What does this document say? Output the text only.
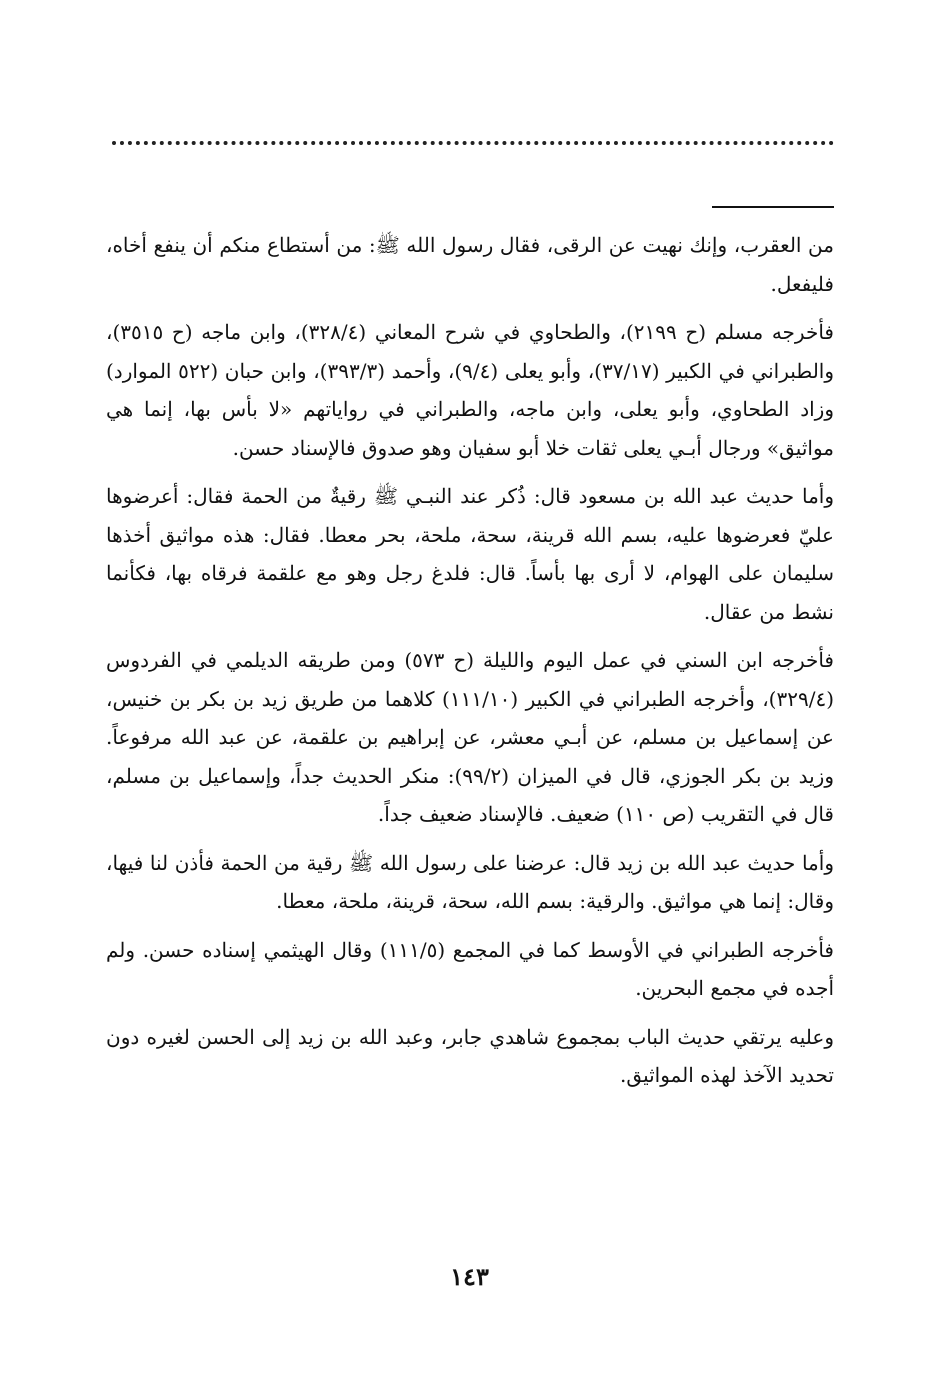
من العقرب، وإنك نهيت عن الرقى، فقال رسول الله ﷺ: من أستطاع منكم أن ينفع أخاه، فليفعل.

فأخرجه مسلم (ح ٢١٩٩)، والطحاوي في شرح المعاني (٣٢٨/٤)، وابن ماجه (ح ٣٥١٥)، والطبراني في الكبير (٣٧/١٧)، وأبو يعلى (٩/٤)، وأحمد (٣٩٣/٣)، وابن حبان (٥٢٢ الموارد) وزاد الطحاوي، وأبو يعلى، وابن ماجه، والطبراني في رواياتهم «لا بأس بها، إنما هي مواثيق» ورجال أبـي يعلى ثقات خلا أبو سفيان وهو صدوق فالإسناد حسن.

وأما حديث عبد الله بن مسعود قال: ذُكر عند النبـي ﷺ رقيةٌ من الحمة فقال: أعرضوها عليّ فعرضوها عليه، بسم الله قرينة، سحة، ملحة، بحر معطا. فقال: هذه مواثيق أخذها سليمان على الهوام، لا أرى بها بأساً. قال: فلدغ رجل وهو مع علقمة فرقاه بها، فكأنما نشط من عقال.

فأخرجه ابن السني في عمل اليوم والليلة (ح ٥٧٣) ومن طريقه الديلمي في الفردوس (٣٢٩/٤)، وأخرجه الطبراني في الكبير (١١١/١٠) كلاهما من طريق زيد بن بكر بن خنيس، عن إسماعيل بن مسلم، عن أبـي معشر، عن إبراهيم بن علقمة، عن عبد الله مرفوعاً. وزيد بن بكر الجوزي، قال في الميزان (٩٩/٢): منكر الحديث جداً، وإسماعيل بن مسلم، قال في التقريب (ص ١١٠) ضعيف. فالإسناد ضعيف جداً.

وأما حديث عبد الله بن زيد قال: عرضنا على رسول الله ﷺ رقية من الحمة فأذن لنا فيها، وقال: إنما هي مواثيق. والرقية: بسم الله، سحة، قرينة، ملحة، معطا.

فأخرجه الطبراني في الأوسط كما في المجمع (١١١/٥) وقال الهيثمي إسناده حسن. ولم أجده في مجمع البحرين.

وعليه يرتقي حديث الباب بمجموع شاهدي جابر، وعبد الله بن زيد إلى الحسن لغيره دون تحديد الآخذ لهذه المواثيق.

١٤٣
